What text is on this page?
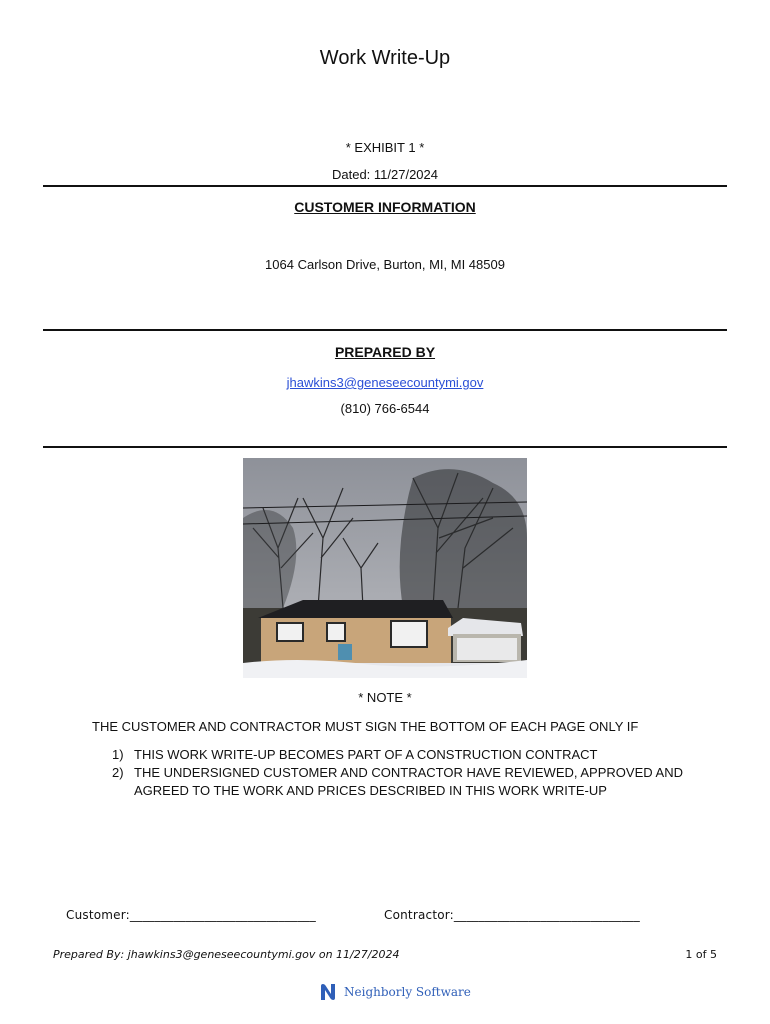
Work Write-Up
* EXHIBIT 1 *
Dated: 11/27/2024
CUSTOMER INFORMATION
1064 Carlson Drive, Burton, MI, MI 48509
PREPARED BY
jhawkins3@geneseecountymi.gov
(810) 766-6544
* NOTE *
THE CUSTOMER AND CONTRACTOR MUST SIGN THE BOTTOM OF EACH PAGE ONLY IF
1) THIS WORK WRITE-UP BECOMES PART OF A CONSTRUCTION CONTRACT
2) THE UNDERSIGNED CUSTOMER AND CONTRACTOR HAVE REVIEWED, APPROVED AND AGREED TO THE WORK AND PRICES DESCRIBED IN THIS WORK WRITE-UP
Customer:______________________________	Contractor:______________________________
Prepared By: jhawkins3@geneseecountymi.gov on 11/27/2024	1 of 5
Neighborly Software
